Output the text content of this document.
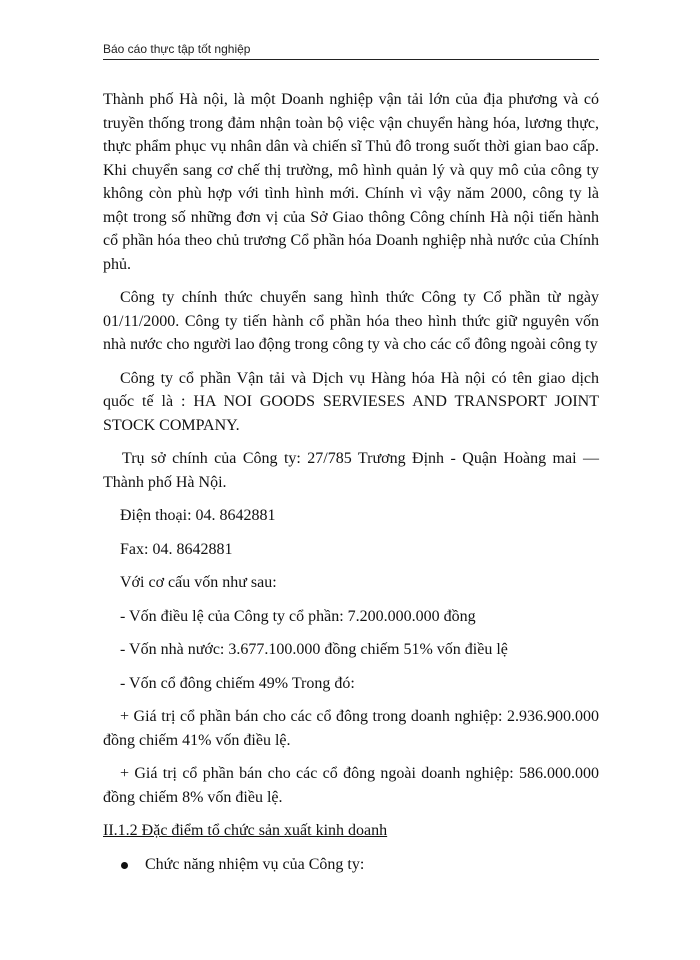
Báo cáo thực tập tốt nghiệp

Thành phố Hà nội, là một Doanh nghiệp vận tải lớn của địa phương và có truyền thống trong đảm nhận toàn bộ việc vận chuyển hàng hóa, lương thực, thực phẩm phục vụ nhân dân và chiến sĩ Thủ đô trong suốt thời gian bao cấp. Khi chuyển sang cơ chế thị trường, mô hình quản lý và quy mô của công ty không còn phù hợp với tình hình mới. Chính vì vậy năm 2000, công ty là một trong số những đơn vị của Sở Giao thông Công chính Hà nội tiến hành cổ phần hóa theo chủ trương Cổ phần hóa Doanh nghiệp nhà nước của Chính phủ.

Công ty chính thức chuyển sang hình thức Công ty Cổ phần từ ngày 01/11/2000. Công ty tiến hành cổ phần hóa theo hình thức giữ nguyên vốn nhà nước cho người lao động trong công ty và cho các cổ đông ngoài công ty

Công ty cổ phần Vận tải và Dịch vụ Hàng hóa Hà nội có tên giao dịch quốc tế là : HA NOI GOODS SERVIESES AND TRANSPORT JOINT STOCK COMPANY.

Trụ sở chính của Công ty: 27/785 Trương Định - Quận Hoàng mai — Thành phố Hà Nội.

Điện thoại: 04. 8642881

Fax: 04. 8642881

Với cơ cấu vốn như sau:

- Vốn điều lệ của Công ty cổ phần: 7.200.000.000 đồng

- Vốn nhà nước: 3.677.100.000 đồng chiếm 51% vốn điều lệ

- Vốn cổ đông chiếm 49% Trong đó:

+ Giá trị cổ phần bán cho các cổ đông trong doanh nghiệp: 2.936.900.000 đồng chiếm 41% vốn điều lệ.

+ Giá trị cổ phần bán cho các cổ đông ngoài doanh nghiệp: 586.000.000 đồng chiếm 8% vốn điều lệ.

II.1.2 Đặc điểm tổ chức sản xuất kinh doanh

Chức năng nhiệm vụ của Công ty:
